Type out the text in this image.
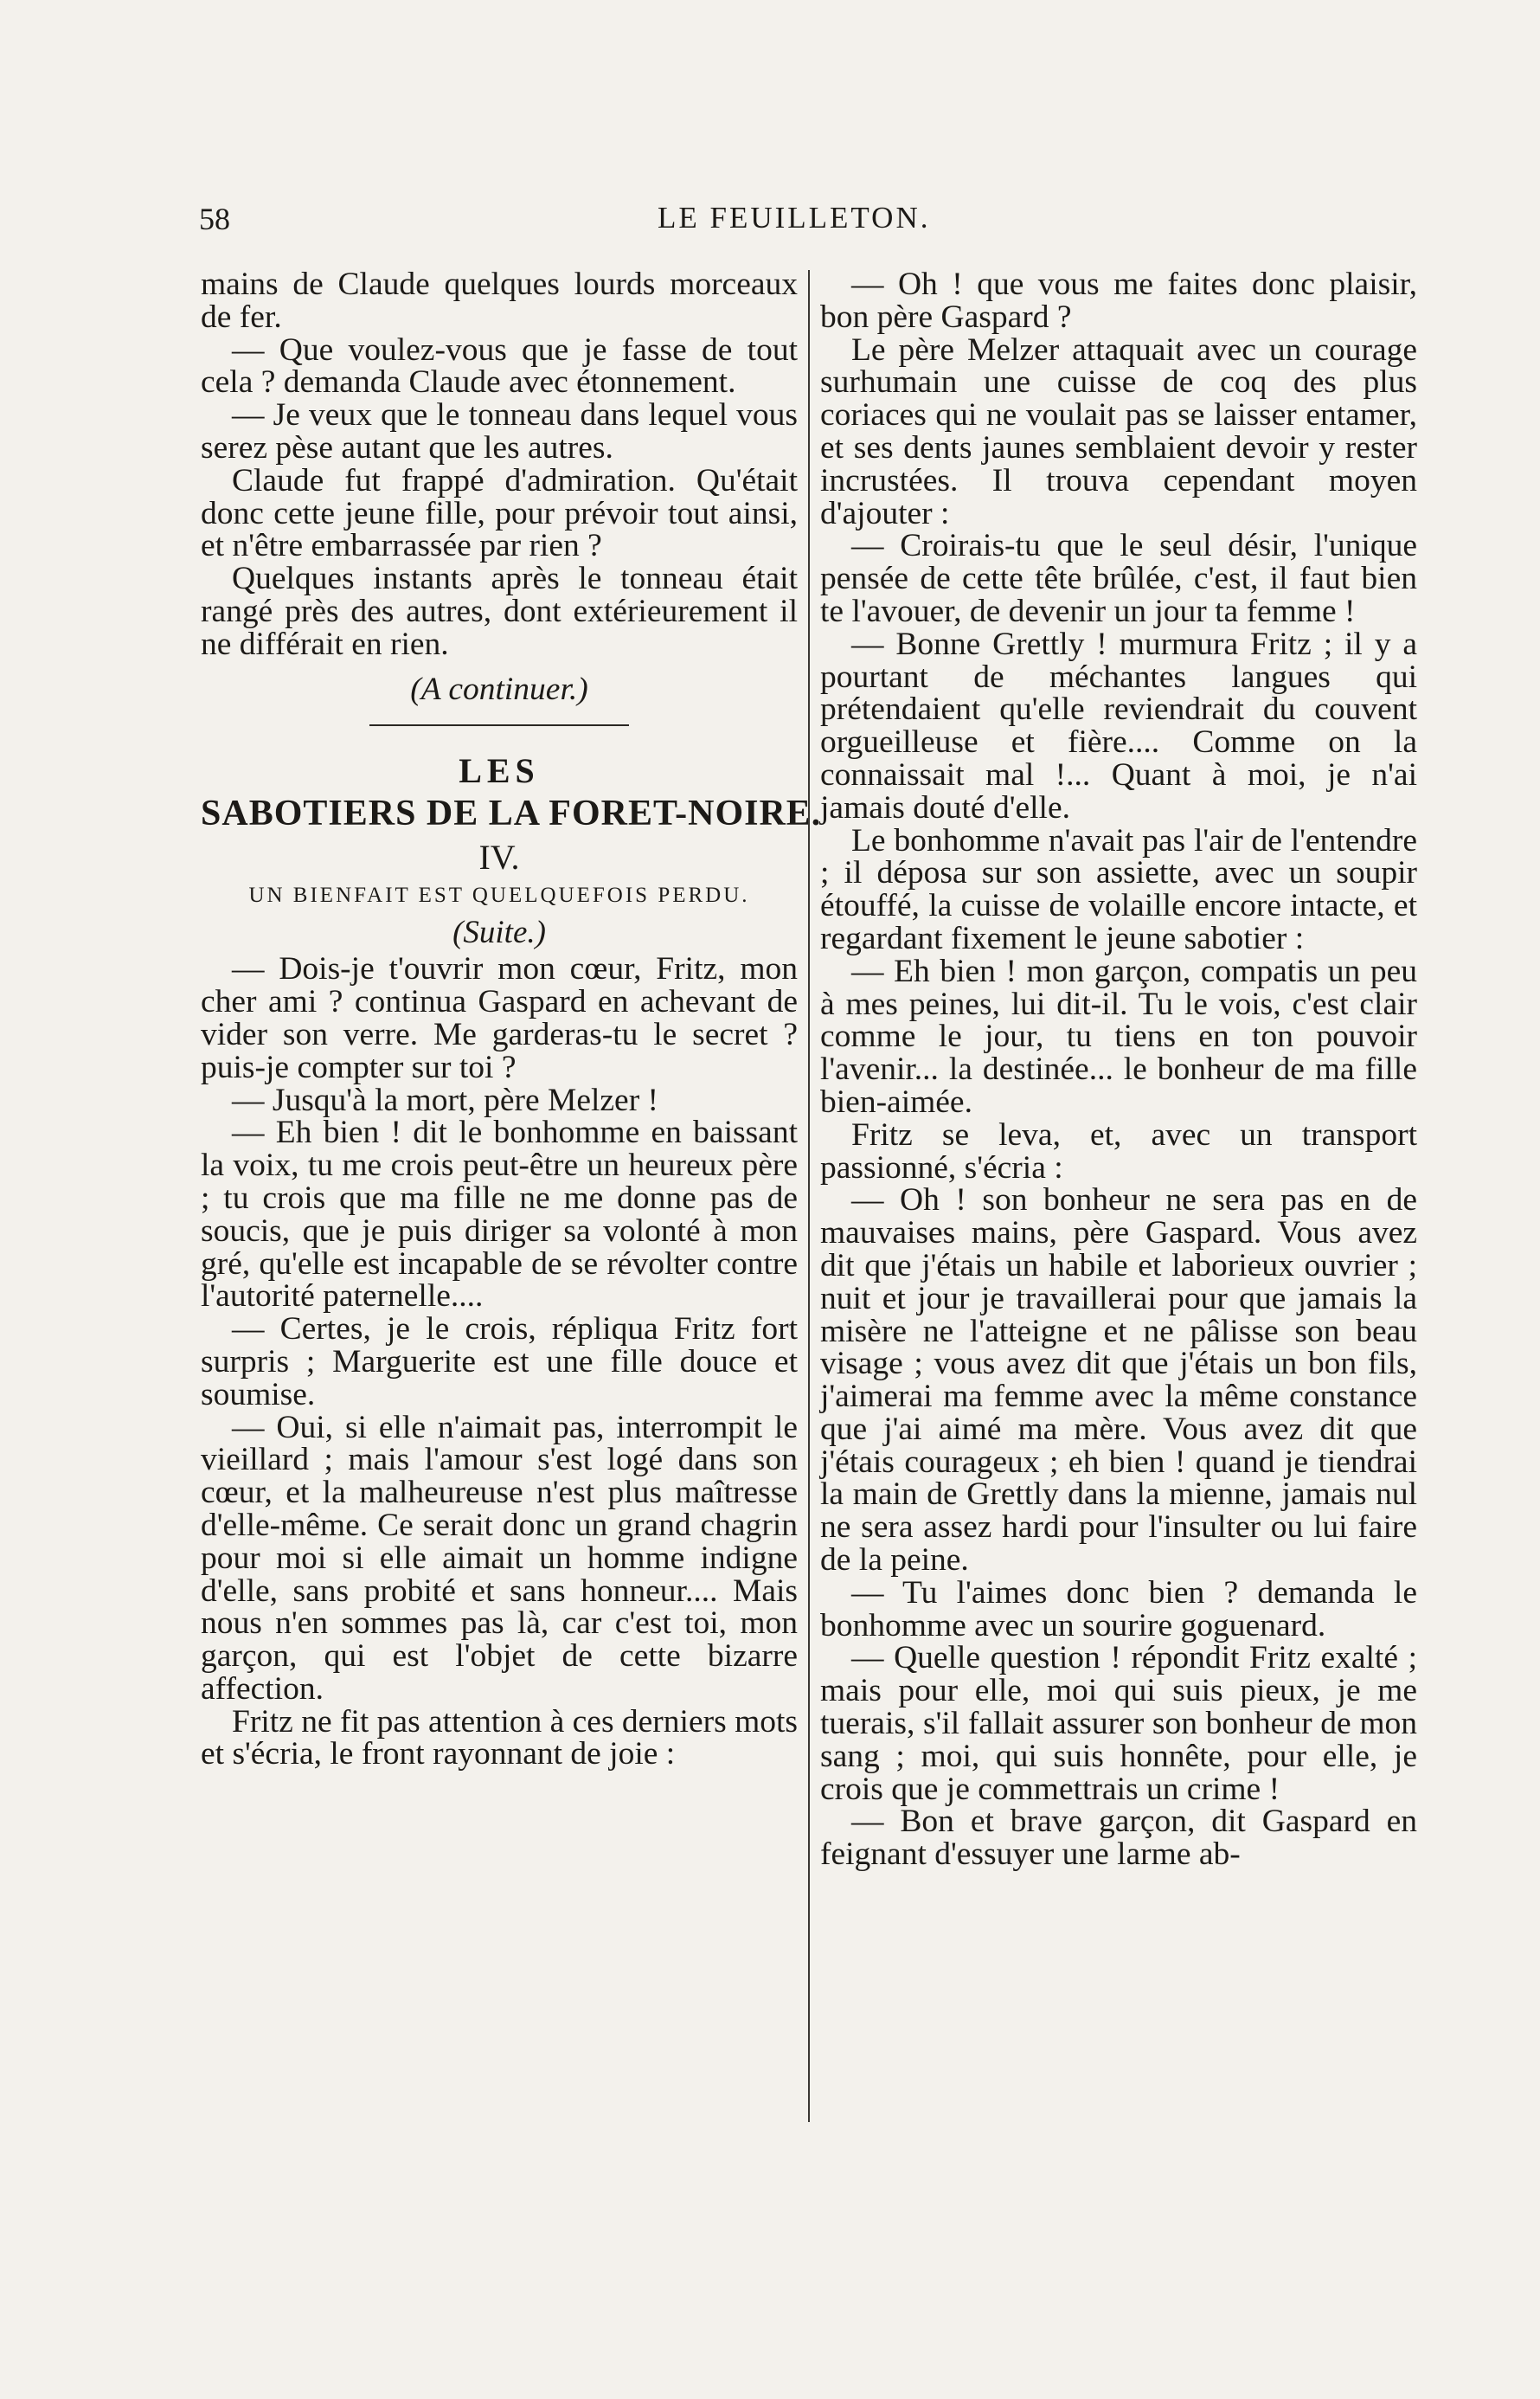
58	LE FEUILLETON.

mains de Claude quelques lourds morceaux de fer.

— Que voulez-vous que je fasse de tout cela ? demanda Claude avec étonnement.

— Je veux que le tonneau dans lequel vous serez pèse autant que les autres.

Claude fut frappé d'admiration. Qu'était donc cette jeune fille, pour prévoir tout ainsi, et n'être embarrassée par rien ?

Quelques instants après le tonneau était rangé près des autres, dont extérieurement il ne différait en rien.

(A continuer.)

LES

SABOTIERS DE LA FORET-NOIRE.

IV.

UN BIENFAIT EST QUELQUEFOIS PERDU.

(Suite.)

— Dois-je t'ouvrir mon cœur, Fritz, mon cher ami ? continua Gaspard en achevant de vider son verre. Me garderas-tu le secret ? puis-je compter sur toi ?

— Jusqu'à la mort, père Melzer !

— Eh bien ! dit le bonhomme en baissant la voix, tu me crois peut-être un heureux père ; tu crois que ma fille ne me donne pas de soucis, que je puis diriger sa volonté à mon gré, qu'elle est incapable de se révolter contre l'autorité paternelle....

— Certes, je le crois, répliqua Fritz fort surpris ; Marguerite est une fille douce et soumise.

— Oui, si elle n'aimait pas, interrompit le vieillard ; mais l'amour s'est logé dans son cœur, et la malheureuse n'est plus maîtresse d'elle-même. Ce serait donc un grand chagrin pour moi si elle aimait un homme indigne d'elle, sans probité et sans honneur.... Mais nous n'en sommes pas là, car c'est toi, mon garçon, qui est l'objet de cette bizarre affection.

Fritz ne fit pas attention à ces derniers mots et s'écria, le front rayonnant de joie :

— Oh ! que vous me faites donc plaisir, bon père Gaspard ?

Le père Melzer attaquait avec un courage surhumain une cuisse de coq des plus coriaces qui ne voulait pas se laisser entamer, et ses dents jaunes semblaient devoir y rester incrustées. Il trouva cependant moyen d'ajouter :

— Croirais-tu que le seul désir, l'unique pensée de cette tête brûlée, c'est, il faut bien te l'avouer, de devenir un jour ta femme !

— Bonne Grettly ! murmura Fritz ; il y a pourtant de méchantes langues qui prétendaient qu'elle reviendrait du couvent orgueilleuse et fière.... Comme on la connaissait mal !... Quant à moi, je n'ai jamais douté d'elle.

Le bonhomme n'avait pas l'air de l'entendre ; il déposa sur son assiette, avec un soupir étouffé, la cuisse de volaille encore intacte, et regardant fixement le jeune sabotier :

— Eh bien ! mon garçon, compatis un peu à mes peines, lui dit-il. Tu le vois, c'est clair comme le jour, tu tiens en ton pouvoir l'avenir... la destinée... le bonheur de ma fille bien-aimée.

Fritz se leva, et, avec un transport passionné, s'écria :

— Oh ! son bonheur ne sera pas en de mauvaises mains, père Gaspard. Vous avez dit que j'étais un habile et laborieux ouvrier ; nuit et jour je travaillerai pour que jamais la misère ne l'atteigne et ne pâlisse son beau visage ; vous avez dit que j'étais un bon fils, j'aimerai ma femme avec la même constance que j'ai aimé ma mère. Vous avez dit que j'étais courageux ; eh bien ! quand je tiendrai la main de Grettly dans la mienne, jamais nul ne sera assez hardi pour l'insulter ou lui faire de la peine.

— Tu l'aimes donc bien ? demanda le bonhomme avec un sourire goguenard.

— Quelle question ! répondit Fritz exalté ; mais pour elle, moi qui suis pieux, je me tuerais, s'il fallait assurer son bonheur de mon sang ; moi, qui suis honnête, pour elle, je crois que je commettrais un crime !

— Bon et brave garçon, dit Gaspard en feignant d'essuyer une larme ab-
